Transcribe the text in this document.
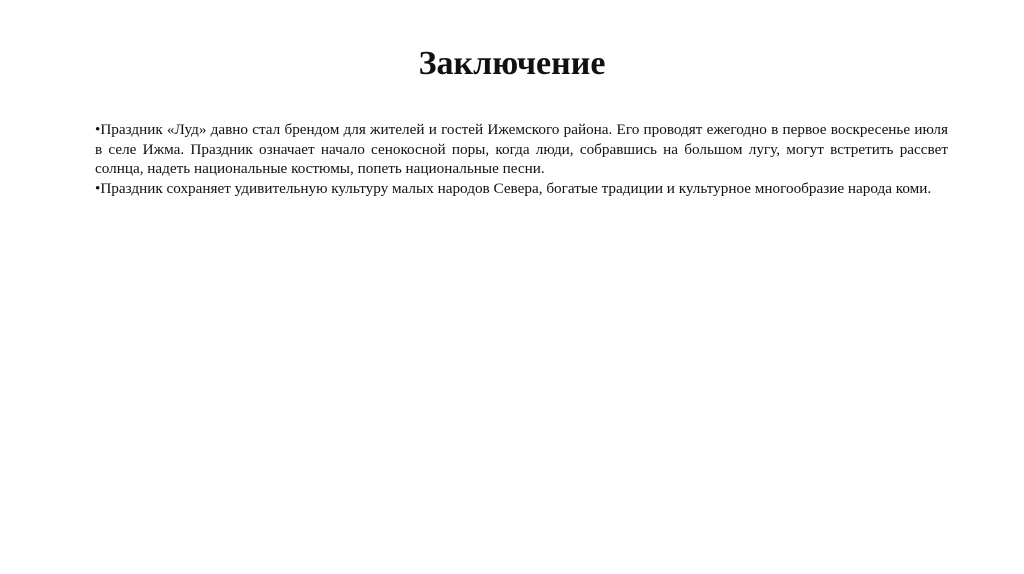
Заключение

•Праздник «Луд» давно стал брендом для жителей и гостей Ижемского района. Его проводят ежегодно в первое воскресенье июля в селе Ижма. Праздник означает начало сенокосной поры, когда люди, собравшись на большом лугу, могут встретить рассвет солнца, надеть национальные костюмы, попеть национальные песни.

•Праздник сохраняет удивительную культуру малых народов Севера, богатые традиции и культурное многообразие народа коми.
